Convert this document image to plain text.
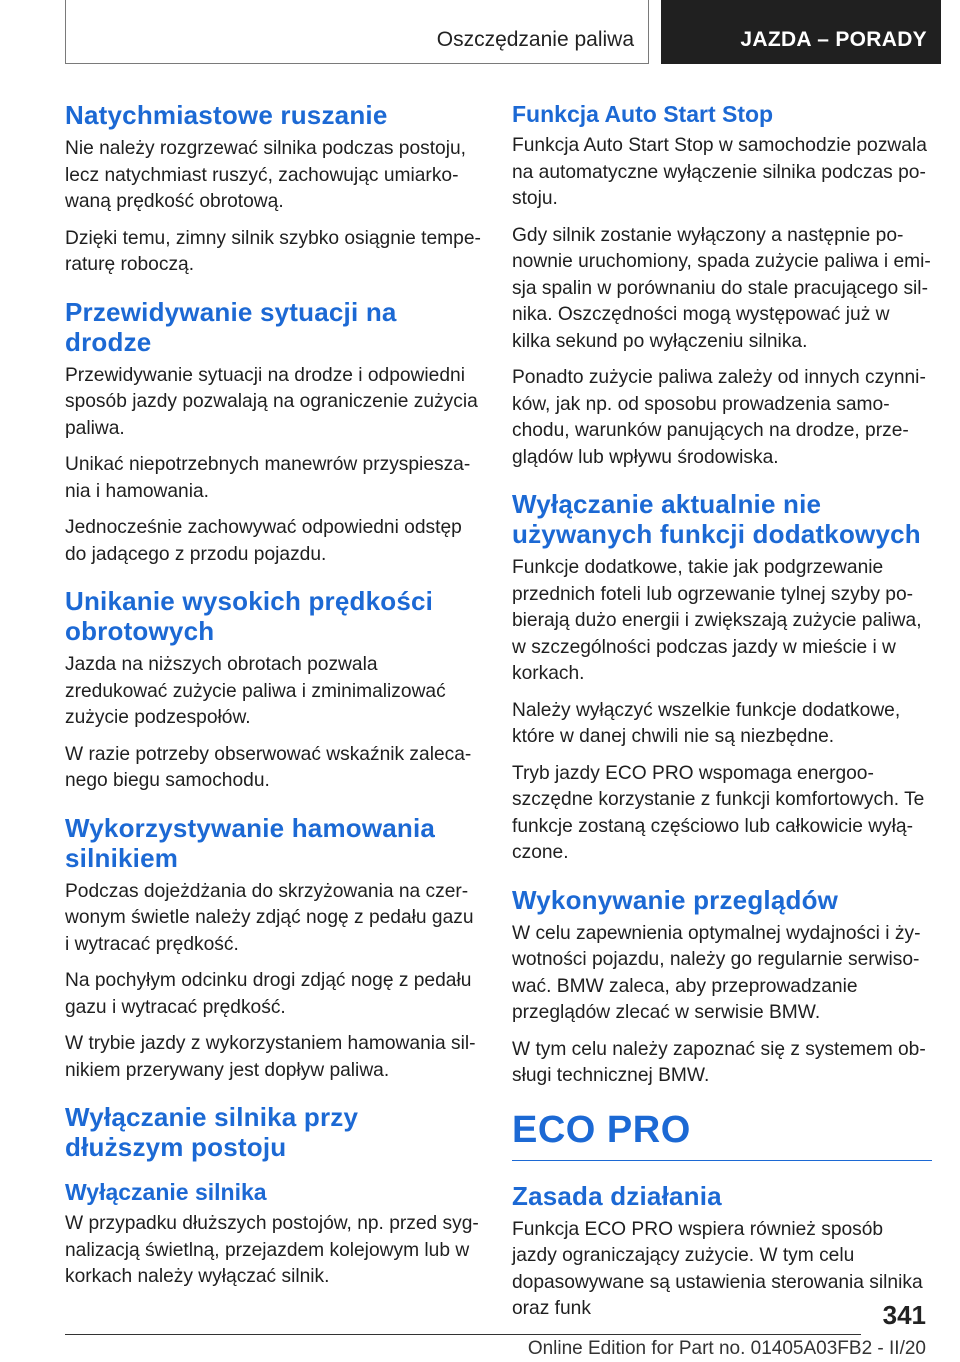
Oszczędzanie paliwa	JAZDA – PORADY
Natychmiastowe ruszanie

Nie należy rozgrzewać silnika podczas postoju, lecz natychmiast ruszyć, zachowując umiarkowaną prędkość obrotową.

Dzięki temu, zimny silnik szybko osiągnie temperaturę roboczą.

Przewidywanie sytuacji na drodze

Przewidywanie sytuacji na drodze i odpowiedni sposób jazdy pozwalają na ograniczenie zużycia paliwa.

Unikać niepotrzebnych manewrów przyspieszania i hamowania.

Jednocześnie zachowywać odpowiedni odstęp do jadącego z przodu pojazdu.

Unikanie wysokich prędkości obrotowych

Jazda na niższych obrotach pozwala zredukować zużycie paliwa i zminimalizować zużycie podzespołów.

W razie potrzeby obserwować wskaźnik zalecanego biegu samochodu.

Wykorzystywanie hamowania silnikiem

Podczas dojeżdżania do skrzyżowania na czerwonym świetle należy zdjąć nogę z pedału gazu i wytracać prędkość.

Na pochyłym odcinku drogi zdjąć nogę z pedału gazu i wytracać prędkość.

W trybie jazdy z wykorzystaniem hamowania silnikiem przerywany jest dopływ paliwa.

Wyłączanie silnika przy dłuższym postoju
Wyłączanie silnika

W przypadku dłuższych postojów, np. przed sygnalizacją świetlną, przejazdem kolejowym lub w korkach należy wyłączać silnik.

Funkcja Auto Start Stop

Funkcja Auto Start Stop w samochodzie pozwala na automatyczne wyłączenie silnika podczas postoju.

Gdy silnik zostanie wyłączony a następnie ponownie uruchomiony, spada zużycie paliwa i emisja spalin w porównaniu do stale pracującego silnika. Oszczędności mogą występować już w kilka sekund po wyłączeniu silnika.

Ponadto zużycie paliwa zależy od innych czynników, jak np. od sposobu prowadzenia samochodu, warunków panujących na drodze, przeglądów lub wpływu środowiska.

Wyłączanie aktualnie nie używanych funkcji dodatkowych

Funkcje dodatkowe, takie jak podgrzewanie przednich foteli lub ogrzewanie tylnej szyby pobierają dużo energii i zwiększają zużycie paliwa, w szczególności podczas jazdy w mieście i w korkach.

Należy wyłączyć wszelkie funkcje dodatkowe, które w danej chwili nie są niezbędne.

Tryb jazdy ECO PRO wspomaga energooszczędne korzystanie z funkcji komfortowych. Te funkcje zostaną częściowo lub całkowicie wyłączone.

Wykonywanie przeglądów

W celu zapewnienia optymalnej wydajności i żywotności pojazdu, należy go regularnie serwisować. BMW zaleca, aby przeprowadzanie przeglądów zlecać w serwisie BMW.

W tym celu należy zapoznać się z systemem obsługi technicznej BMW.

ECO PRO
Zasada działania

Funkcja ECO PRO wspiera również sposób jazdy ograniczający zużycie. W tym celu dopasowywane są ustawienia sterowania silnika oraz funk	341
Online Edition for Part no. 01405A03FB2 - II/20
